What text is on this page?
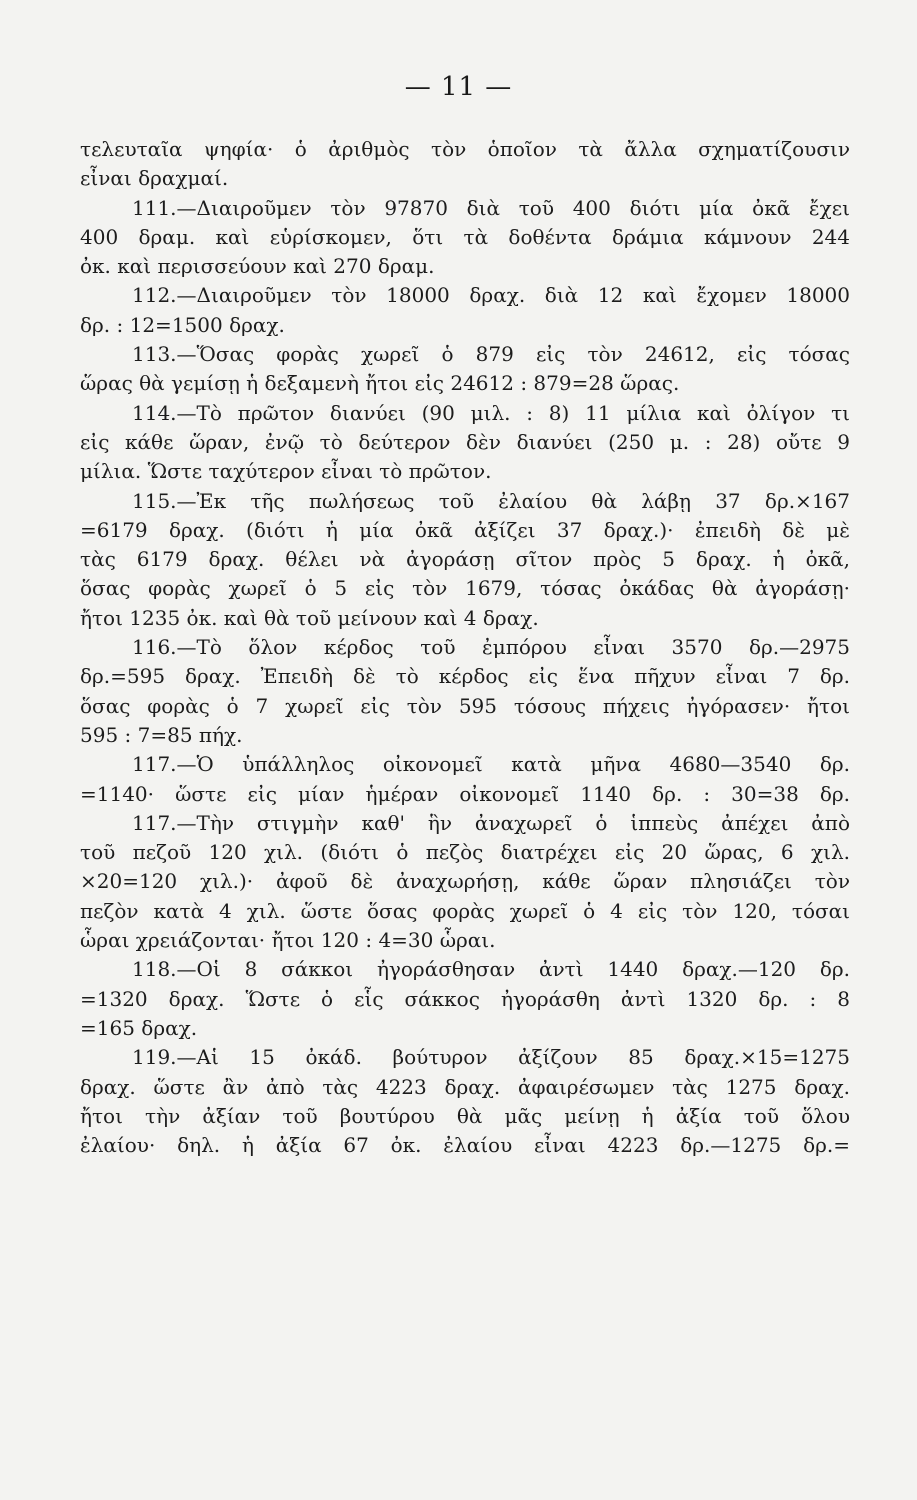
— 11 —
τελευταῖα ψηφία· ὁ ἀριθμὸς τὸν ὁποῖον τὰ ἄλλα σχηματίζουσιν
εἶναι δραχμαί.
111.—Διαιροῦμεν τὸν 97870 διὰ τοῦ 400 διότι μία ὀκᾶ ἔχει
400 δραμ. καὶ εὑρίσκομεν, ὅτι τὰ δοθέντα δράμια κάμνουν 244
ὀκ. καὶ περισσεύουν καὶ 270 δραμ.
112.—Διαιροῦμεν τὸν 18000 δραχ. διὰ 12 καὶ ἔχομεν 18000
δρ. : 12=1500 δραχ.
113.—Ὅσας φορὰς χωρεῖ ὁ 879 εἰς τὸν 24612, εἰς τόσας
ὥρας θὰ γεμίσῃ ἡ δεξαμενὴ ἤτοι εἰς 24612 : 879=28 ὥρας.
114.—Τὸ πρῶτον διανύει (90 μιλ. : 8) 11 μίλια καὶ ὀλίγον τι
εἰς κάθε ὥραν, ἐνῷ τὸ δεύτερον δὲν διανύει (250 μ. : 28) οὔτε 9
μίλια. Ὥστε ταχύτερον εἶναι τὸ πρῶτον.
115.—Ἐκ τῆς πωλήσεως τοῦ ἐλαίου θὰ λάβῃ 37 δρ.×167
=6179 δραχ. (διότι ἡ μία ὀκᾶ ἀξίζει 37 δραχ.)· ἐπειδὴ δὲ μὲ
τὰς 6179 δραχ. θέλει νὰ ἀγοράσῃ σῖτον πρὸς 5 δραχ. ἡ ὀκᾶ,
ὅσας φορὰς χωρεῖ ὁ 5 εἰς τὸν 1679, τόσας ὀκάδας θὰ ἀγοράσῃ·
ἤτοι 1235 ὀκ. καὶ θὰ τοῦ μείνουν καὶ 4 δραχ.
116.—Τὸ ὅλον κέρδος τοῦ ἐμπόρου εἶναι 3570 δρ.—2975
δρ.=595 δραχ. Ἐπειδὴ δὲ τὸ κέρδος εἰς ἕνα πῆχυν εἶναι 7 δρ.
ὅσας φορὰς ὁ 7 χωρεῖ εἰς τὸν 595 τόσους πήχεις ἠγόρασεν· ἤτοι
595 : 7=85 πήχ.
117.—Ὁ ὑπάλληλος οἰκονομεῖ κατὰ μῆνα 4680—3540 δρ.
=1140· ὥστε εἰς μίαν ἡμέραν οἰκονομεῖ 1140 δρ. : 30=38 δρ.
117.—Τὴν στιγμὴν καθ' ἣν ἀναχωρεῖ ὁ ἱππεὺς ἀπέχει ἀπὸ
τοῦ πεζοῦ 120 χιλ. (διότι ὁ πεζὸς διατρέχει εἰς 20 ὥρας, 6 χιλ.
×20=120 χιλ.)· ἀφοῦ δὲ ἀναχωρήσῃ, κάθε ὥραν πλησιάζει τὸν
πεζὸν κατὰ 4 χιλ. ὥστε ὅσας φορὰς χωρεῖ ὁ 4 εἰς τὸν 120, τόσαι
ὧραι χρειάζονται· ἤτοι 120 : 4=30 ὧραι.
118.—Οἱ 8 σάκκοι ἠγοράσθησαν ἀντὶ 1440 δραχ.—120 δρ.
=1320 δραχ. Ὥστε ὁ εἷς σάκκος ἠγοράσθη ἀντὶ 1320 δρ. : 8
=165 δραχ.
119.—Αἱ 15 ὀκάδ. βούτυρον ἀξίζουν 85 δραχ.×15=1275
δραχ. ὥστε ἂν ἀπὸ τὰς 4223 δραχ. ἀφαιρέσωμεν τὰς 1275 δραχ.
ἤτοι τὴν ἀξίαν τοῦ βουτύρου θὰ μᾶς μείνῃ ἡ ἀξία τοῦ ὅλου
ἐλαίου· δηλ. ἡ ἀξία 67 ὀκ. ἐλαίου εἶναι 4223 δρ.—1275 δρ.=
